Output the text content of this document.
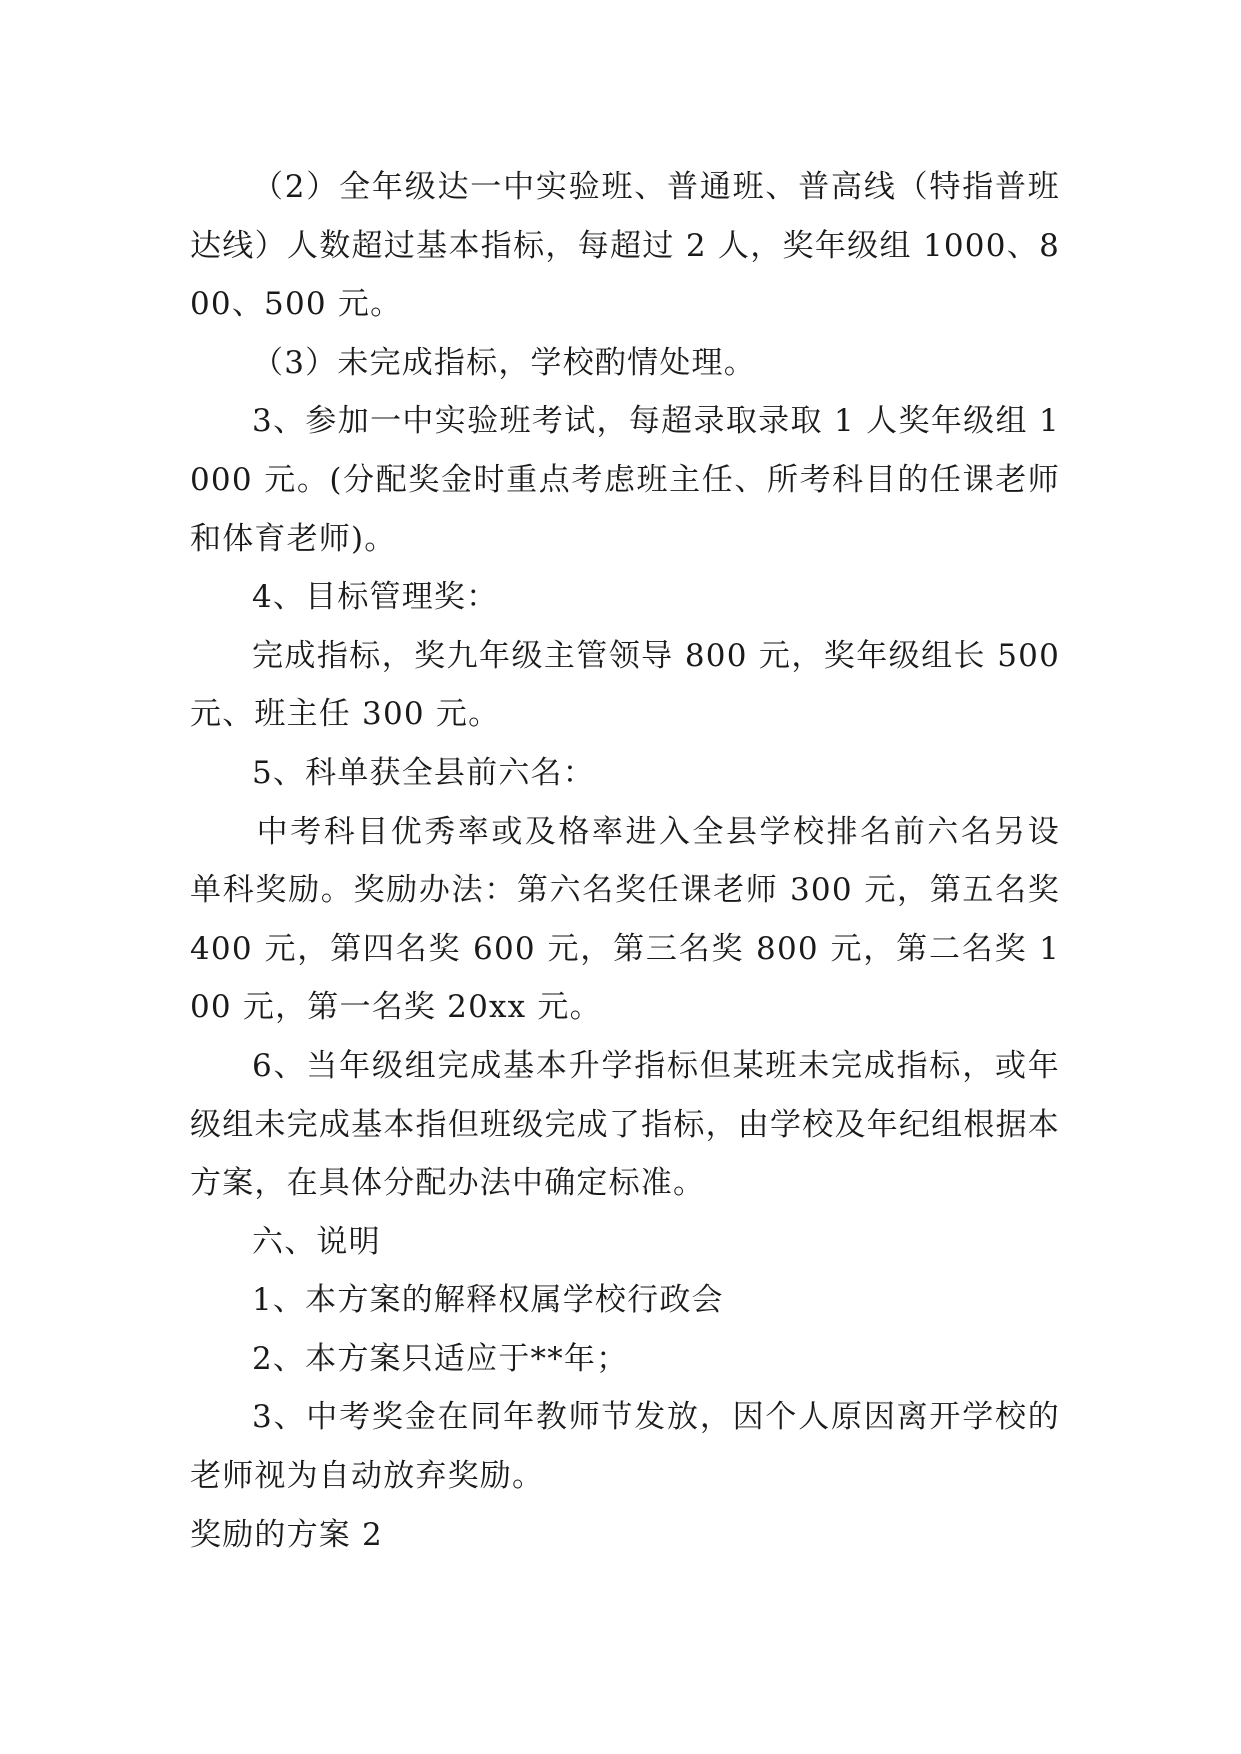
（2）全年级达一中实验班、普通班、普高线（特指普班达线）人数超过基本指标，每超过 2 人，奖年级组 1000、800、500 元。

（3）未完成指标，学校酌情处理。

3、参加一中实验班考试，每超录取录取 1 人奖年级组 1000 元。(分配奖金时重点考虑班主任、所考科目的任课老师和体育老师)。

4、目标管理奖：

完成指标，奖九年级主管领导 800 元，奖年级组长 500 元、班主任 300 元。

5、科单获全县前六名：

中考科目优秀率或及格率进入全县学校排名前六名另设单科奖励。奖励办法：第六名奖任课老师 300 元，第五名奖 400 元，第四名奖 600 元，第三名奖 800 元，第二名奖 100 元，第一名奖 20xx 元。

6、当年级组完成基本升学指标但某班未完成指标，或年级组未完成基本指但班级完成了指标，由学校及年纪组根据本方案，在具体分配办法中确定标准。

六、说明

1、本方案的解释权属学校行政会

2、本方案只适应于**年；

3、中考奖金在同年教师节发放，因个人原因离开学校的老师视为自动放弃奖励。

奖励的方案 2
